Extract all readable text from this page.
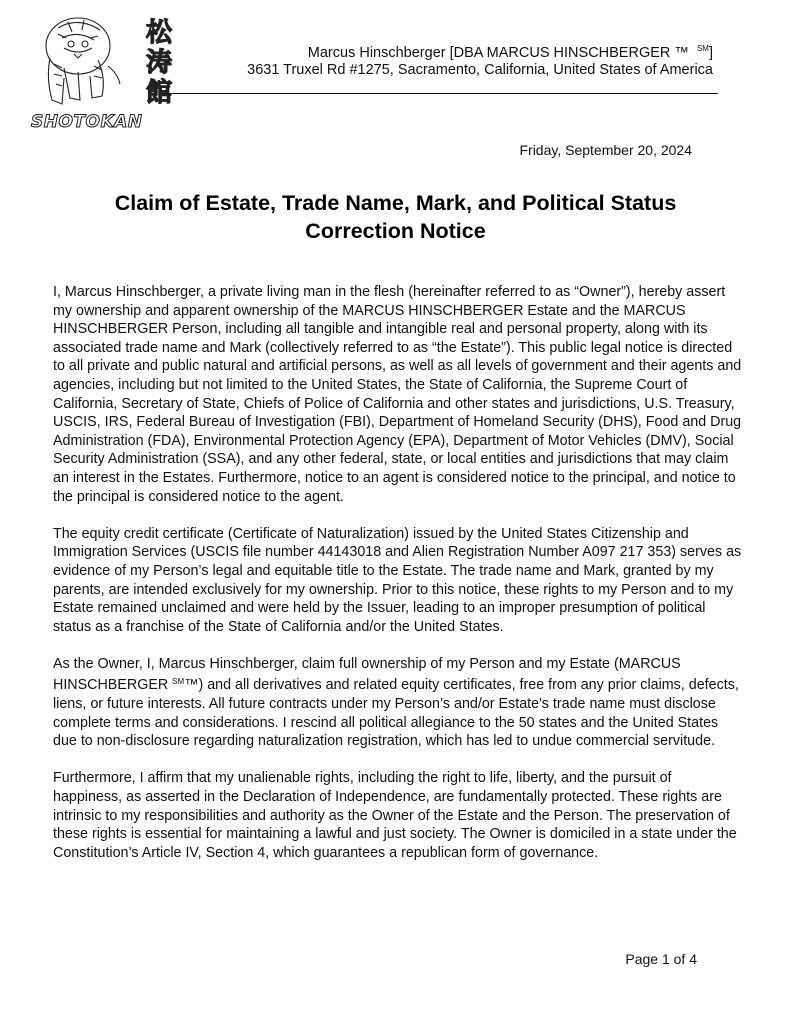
松
涛
館
SHOTOKAN
Marcus Hinschberger [DBA MARCUS HINSCHBERGER ™ ℠]
3631 Truxel Rd #1275, Sacramento, California, United States of America
Friday, September 20, 2024
Claim of Estate, Trade Name, Mark, and Political Status
Correction Notice

I, Marcus Hinschberger, a private living man in the flesh (hereinafter referred to as “Owner”), hereby assert my ownership and apparent ownership of the MARCUS HINSCHBERGER Estate and the MARCUS HINSCHBERGER Person, including all tangible and intangible real and personal property, along with its associated trade name and Mark (collectively referred to as “the Estate”). This public legal notice is directed to all private and public natural and artificial persons, as well as all levels of government and their agents and agencies, including but not limited to the United States, the State of California, the Supreme Court of California, Secretary of State, Chiefs of Police of California and other states and jurisdictions, U.S. Treasury, USCIS, IRS, Federal Bureau of Investigation (FBI), Department of Homeland Security (DHS), Food and Drug Administration (FDA), Environmental Protection Agency (EPA), Department of Motor Vehicles (DMV), Social Security Administration (SSA), and any other federal, state, or local entities and jurisdictions that may claim an interest in the Estates. Furthermore, notice to an agent is considered notice to the principal, and notice to the principal is considered notice to the agent.

The equity credit certificate (Certificate of Naturalization) issued by the United States Citizenship and Immigration Services (USCIS file number 44143018 and Alien Registration Number A097 217 353) serves as evidence of my Person’s legal and equitable title to the Estate. The trade name and Mark, granted by my parents, are intended exclusively for my ownership. Prior to this notice, these rights to my Person and to my Estate remained unclaimed and were held by the Issuer, leading to an improper presumption of political status as a franchise of the State of California and/or the United States.

As the Owner, I, Marcus Hinschberger, claim full ownership of my Person and my Estate (MARCUS HINSCHBERGER ℠™) and all derivatives and related equity certificates, free from any prior claims, defects, liens, or future interests. All future contracts under my Person’s and/or Estate's trade name must disclose complete terms and considerations. I rescind all political allegiance to the 50 states and the United States due to non-disclosure regarding naturalization registration, which has led to undue commercial servitude.

Furthermore, I affirm that my unalienable rights, including the right to life, liberty, and the pursuit of happiness, as asserted in the Declaration of Independence, are fundamentally protected. These rights are intrinsic to my responsibilities and authority as the Owner of the Estate and the Person. The preservation of these rights is essential for maintaining a lawful and just society. The Owner is domiciled in a state under the Constitution’s Article IV, Section 4, which guarantees a republican form of governance.

Page 1 of 4
